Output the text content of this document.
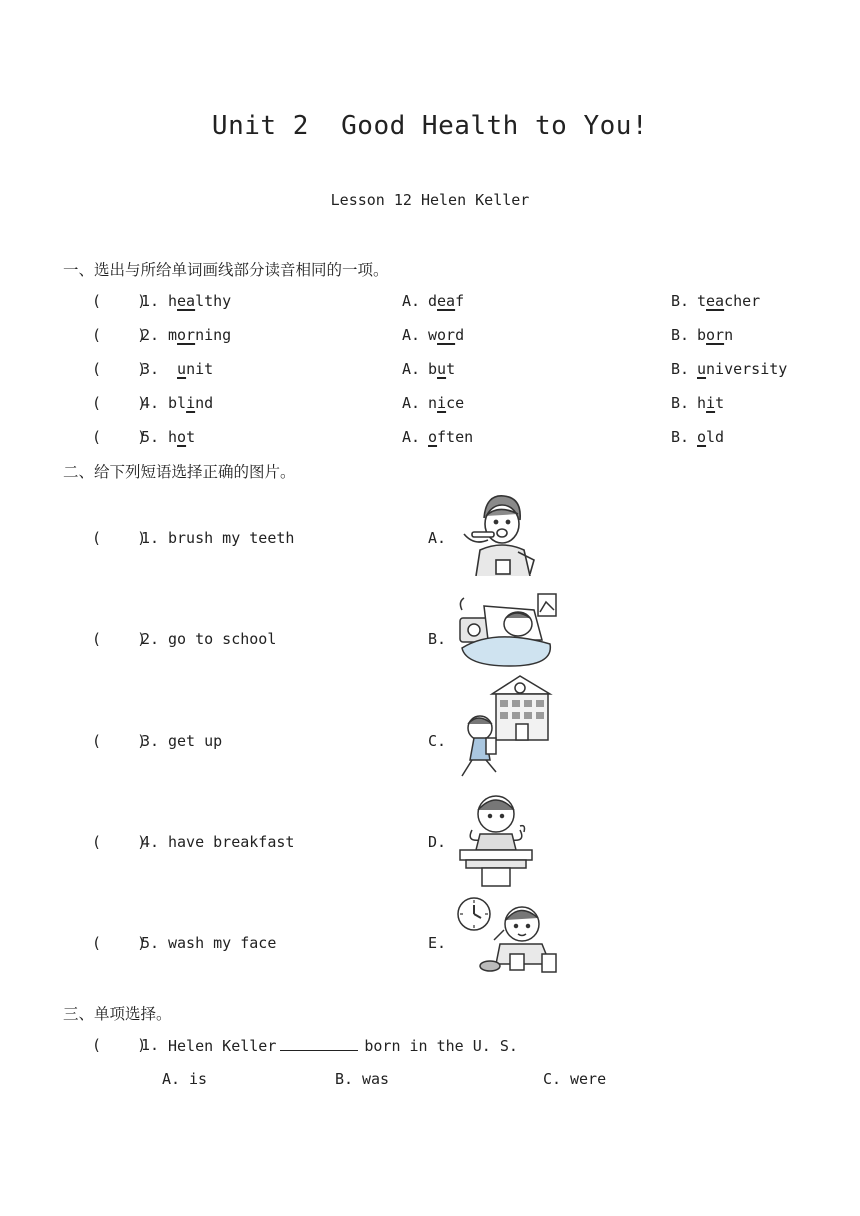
Unit 2  Good Health to You!
Lesson 12 Helen Keller
一、选出与所给单词画线部分读音相同的一项。
(    )
1. healthy	A. deaf	B. teacher
(    )
2. morning	A. word	B. born
(    )
3.	unit	A. but	B. university
(    )
4. blind	A. nice	B. hit
(    )
5. hot	A. often	B. old
二、给下列短语选择正确的图片。
(    )
1. brush my teeth	A.
(    )
2. go to school	B.
(    )
3. get up	C.
(    )
4. have breakfast	D.
(    )
5. wash my face	E.
三、单项选择。
(    )
1. Helen Keller	born in the U. S.
A. is	B. was	C. were
